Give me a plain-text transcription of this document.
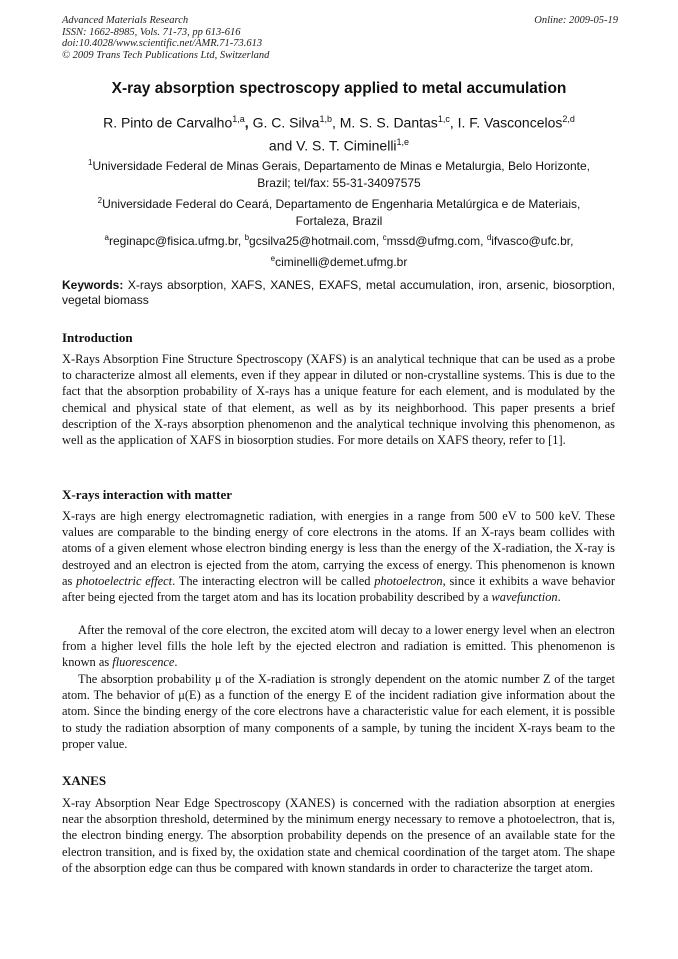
Advanced Materials Research
ISSN: 1662-8985, Vols. 71-73, pp 613-616
doi:10.4028/www.scientific.net/AMR.71-73.613
© 2009 Trans Tech Publications Ltd, Switzerland
Online: 2009-05-19
X-ray absorption spectroscopy applied to metal accumulation
R. Pinto de Carvalho$^{1,a}$, G. C. Silva$^{1,b}$, M. S. S. Dantas$^{1,c}$, I. F. Vasconcelos$^{2,d}$
and V. S. T. Ciminelli$^{1,e}$
$^1$Universidade Federal de Minas Gerais, Departamento de Minas e Metalurgia, Belo Horizonte, Brazil; tel/fax: 55-31-34097575
$^2$Universidade Federal do Ceará, Departamento de Engenharia Metalúrgica e de Materiais, Fortaleza, Brazil
$^a$reginapc@fisica.ufmg.br, $^b$gcsilva25@hotmail.com, $^c$mssd@ufmg.com, $^d$ifvasco@ufc.br,
$^e$ciminelli@demet.ufmg.br
Keywords: X-rays absorption, XAFS, XANES, EXAFS, metal accumulation, iron, arsenic, biosorption, vegetal biomass
Introduction

X-Rays Absorption Fine Structure Spectroscopy (XAFS) is an analytical technique that can be used as a probe to characterize almost all elements, even if they appear in diluted or non-crystalline systems. This is due to the fact that the absorption probability of X-rays has a unique feature for each element, and is modulated by the chemical and physical state of that element, as well as by its neighborhood. This paper presents a brief description of the X-rays absorption phenomenon and the analytical technique involving this phenomenon, as well as the application of XAFS in biosorption studies. For more details on XAFS theory, refer to [1].

X-rays interaction with matter

X-rays are high energy electromagnetic radiation, with energies in a range from 500 eV to 500 keV. These values are comparable to the binding energy of core electrons in the atoms. If an X-rays beam collides with atoms of a given element whose electron binding energy is less than the energy of the X-radiation, the X-ray is destroyed and an electron is ejected from the atom, carrying the excess of energy. This phenomenon is known as photoelectric effect. The interacting electron will be called photoelectron, since it exhibits a wave behavior after being ejected from the target atom and has its location probability described by a wavefunction.

After the removal of the core electron, the excited atom will decay to a lower energy level when an electron from a higher level fills the hole left by the ejected electron and radiation is emitted. This phenomenon is known as fluorescence.

The absorption probability μ of the X-radiation is strongly dependent on the atomic number Z of the target atom. The behavior of μ(E) as a function of the energy E of the incident radiation give information about the atom. Since the binding energy of the core electrons have a characteristic value for each element, it is possible to study the radiation absorption of many components of a sample, by tuning the incident X-rays beam to the proper value.

XANES

X-ray Absorption Near Edge Spectroscopy (XANES) is concerned with the radiation absorption at energies near the absorption threshold, determined by the minimum energy necessary to remove a photoelectron, that is, the electron binding energy. The absorption probability depends on the presence of an available state for the electron transition, and is fixed by, the oxidation state and chemical coordination of the target atom. The shape of the absorption edge can thus be compared with known standards in order to characterize the target atom.
